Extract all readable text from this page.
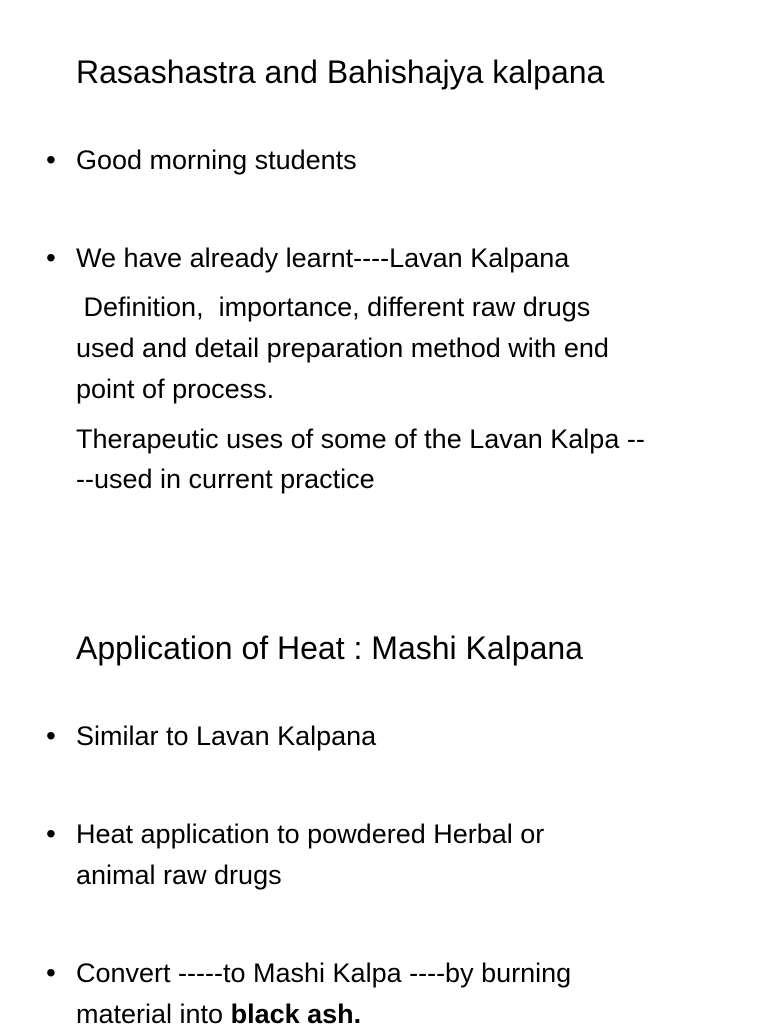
Rasashastra and Bahishajya kalpana
• Good morning students
• We have already learnt----Lavan Kalpana
Definition,  importance, different raw drugs
used and detail preparation method with end
point of process.
Therapeutic uses of some of the Lavan Kalpa --
--used in current practice
Application of Heat : Mashi Kalpana
• Similar to Lavan Kalpana
• Heat application to powdered Herbal or
animal raw drugs
• Convert -----to Mashi Kalpa ----by burning
material into black ash.
